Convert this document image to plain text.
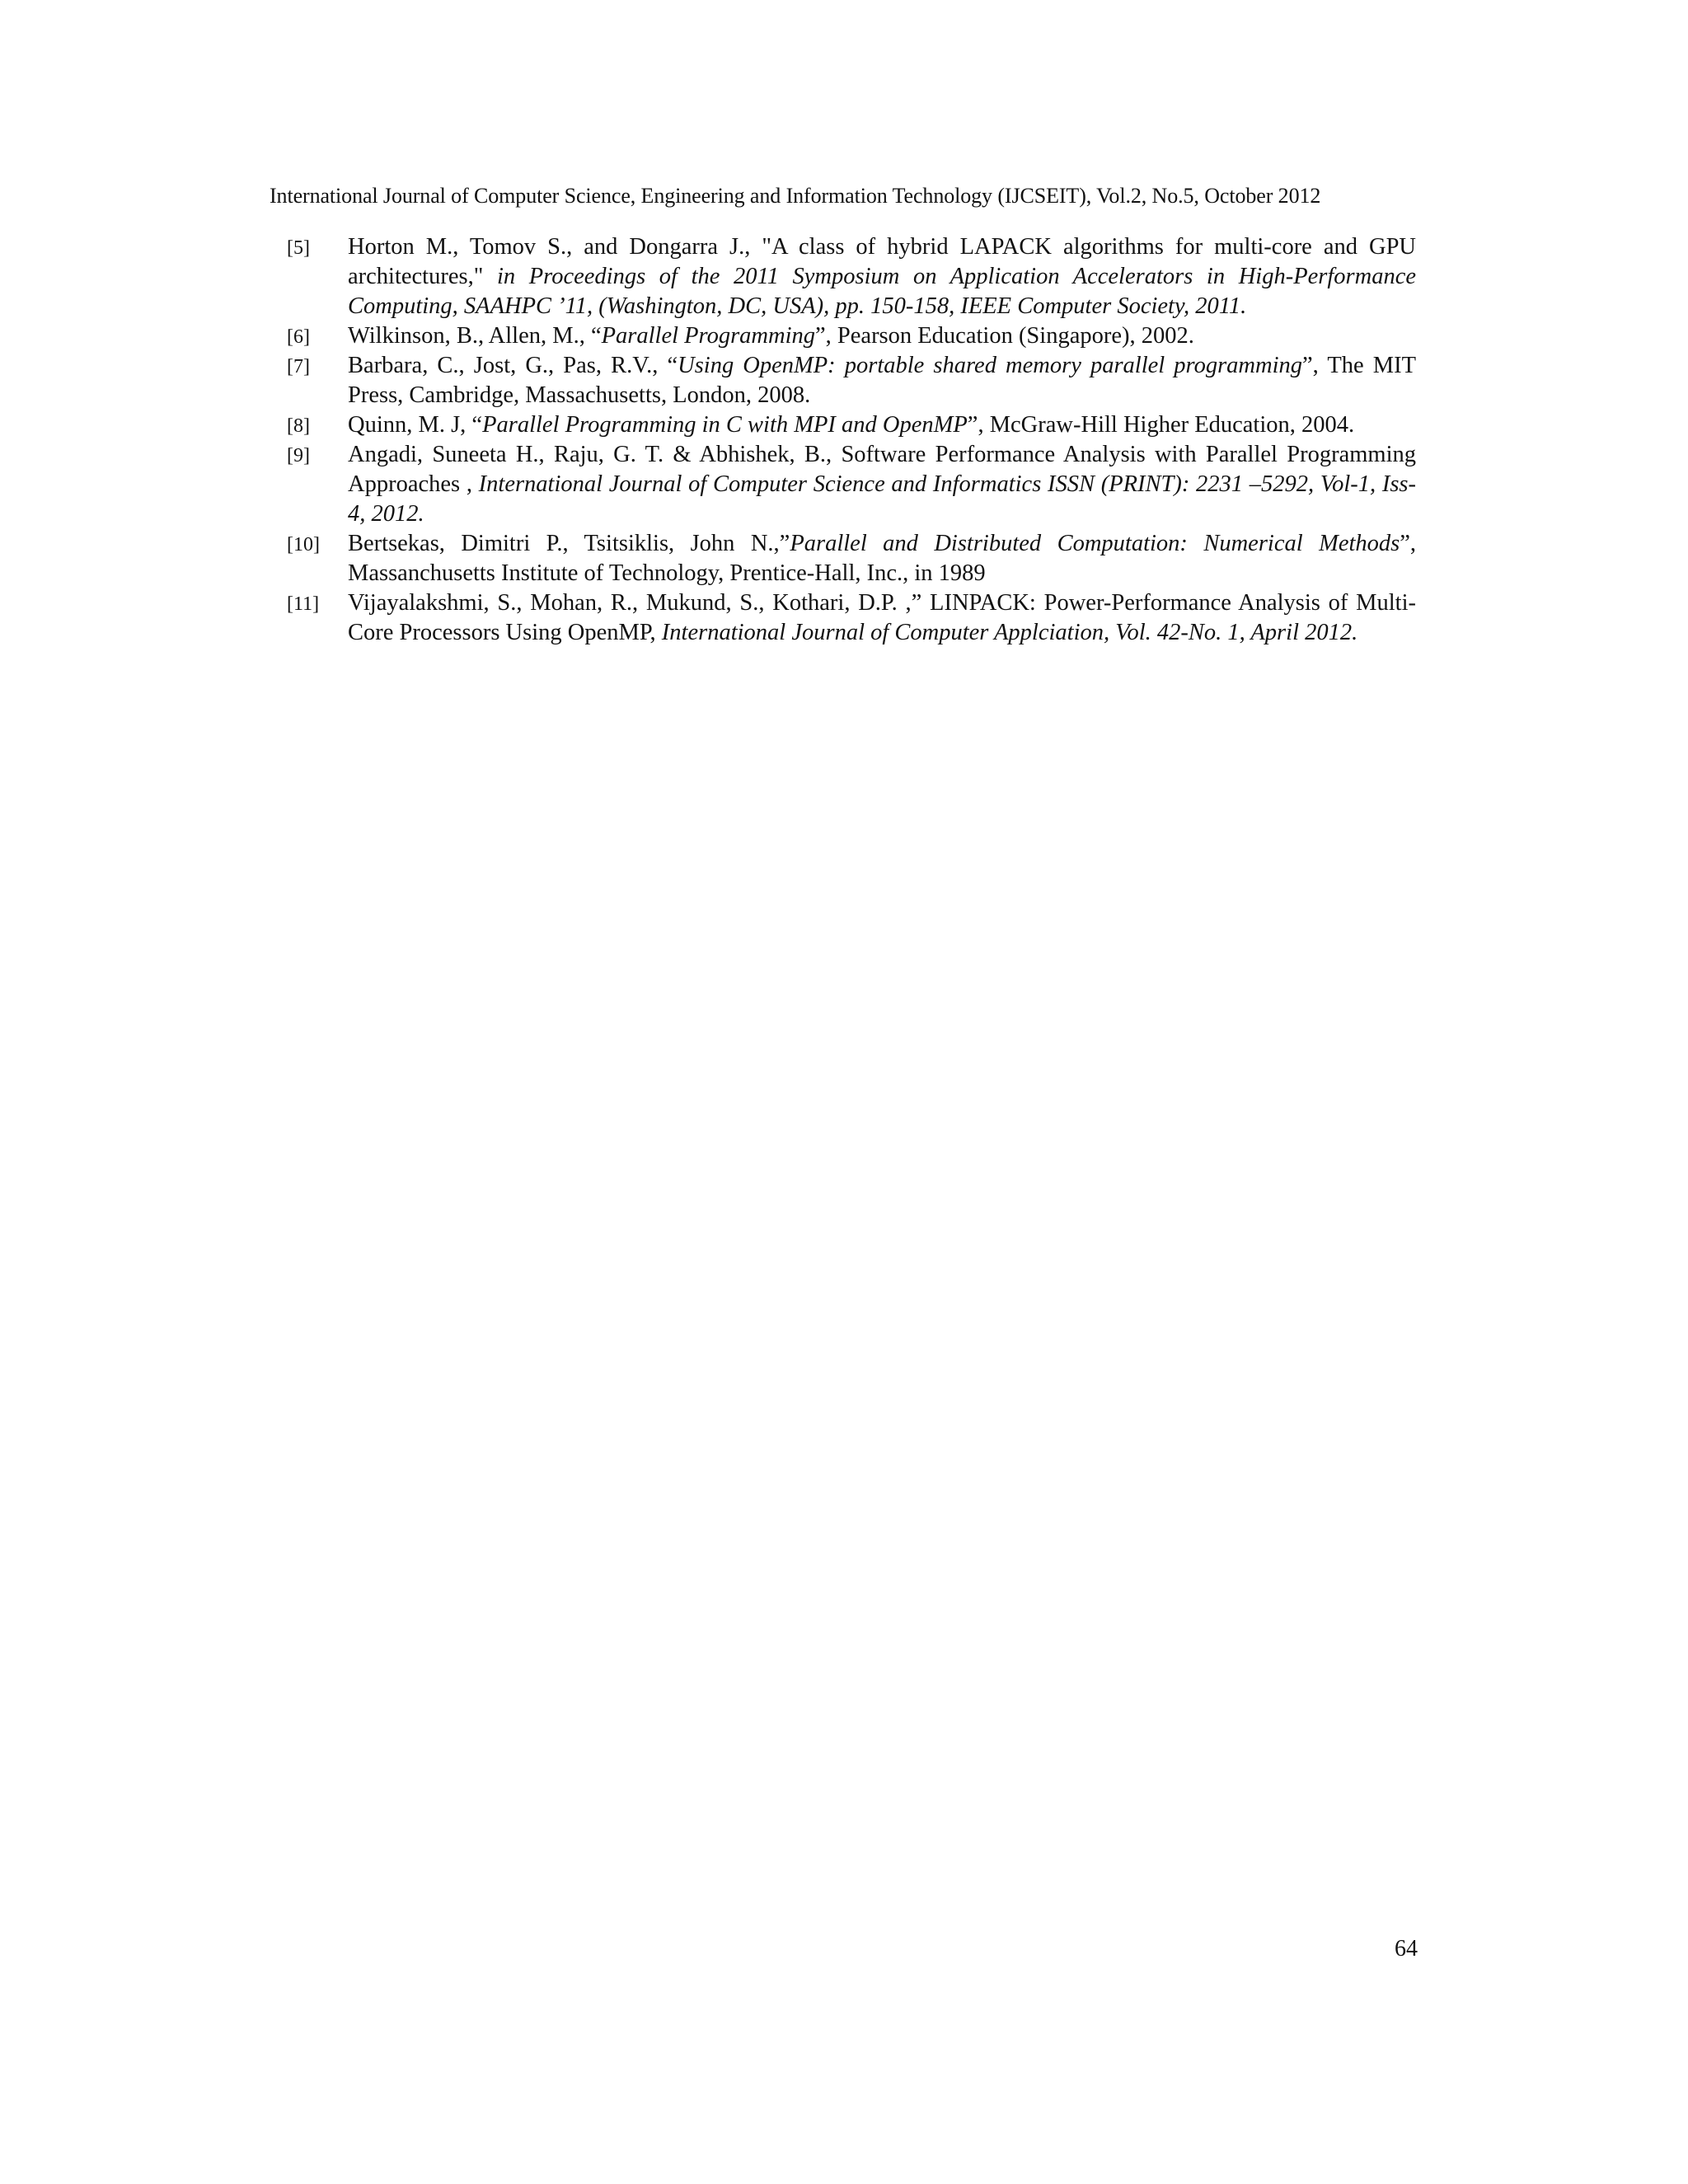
International Journal of Computer Science, Engineering and Information Technology (IJCSEIT), Vol.2, No.5, October 2012
[5] Horton M., Tomov S., and Dongarra J., "A class of hybrid LAPACK algorithms for multi-core and GPU architectures," in Proceedings of the 2011 Symposium on Application Accelerators in High-Performance Computing, SAAHPC ’11, (Washington, DC, USA), pp. 150-158, IEEE Computer Society, 2011.
[6] Wilkinson, B., Allen, M., “Parallel Programming”, Pearson Education (Singapore), 2002.
[7] Barbara, C., Jost, G., Pas, R.V., “Using OpenMP: portable shared memory parallel programming”, The MIT Press, Cambridge, Massachusetts, London, 2008.
[8] Quinn, M. J, “Parallel Programming in C with MPI and OpenMP”, McGraw-Hill Higher Education, 2004.
[9] Angadi, Suneeta H., Raju, G. T. & Abhishek, B., Software Performance Analysis with Parallel Programming Approaches , International Journal of Computer Science and Informatics ISSN (PRINT): 2231 –5292, Vol-1, Iss-4, 2012.
[10] Bertsekas, Dimitri P., Tsitsiklis, John N.,”Parallel and Distributed Computation: Numerical Methods”, Massanchusetts Institute of Technology, Prentice-Hall, Inc., in 1989
[11] Vijayalakshmi, S., Mohan, R., Mukund, S., Kothari, D.P. ,” LINPACK: Power-Performance Analysis of Multi-Core Processors Using OpenMP, International Journal of Computer Applciation, Vol. 42-No. 1, April 2012.
64
